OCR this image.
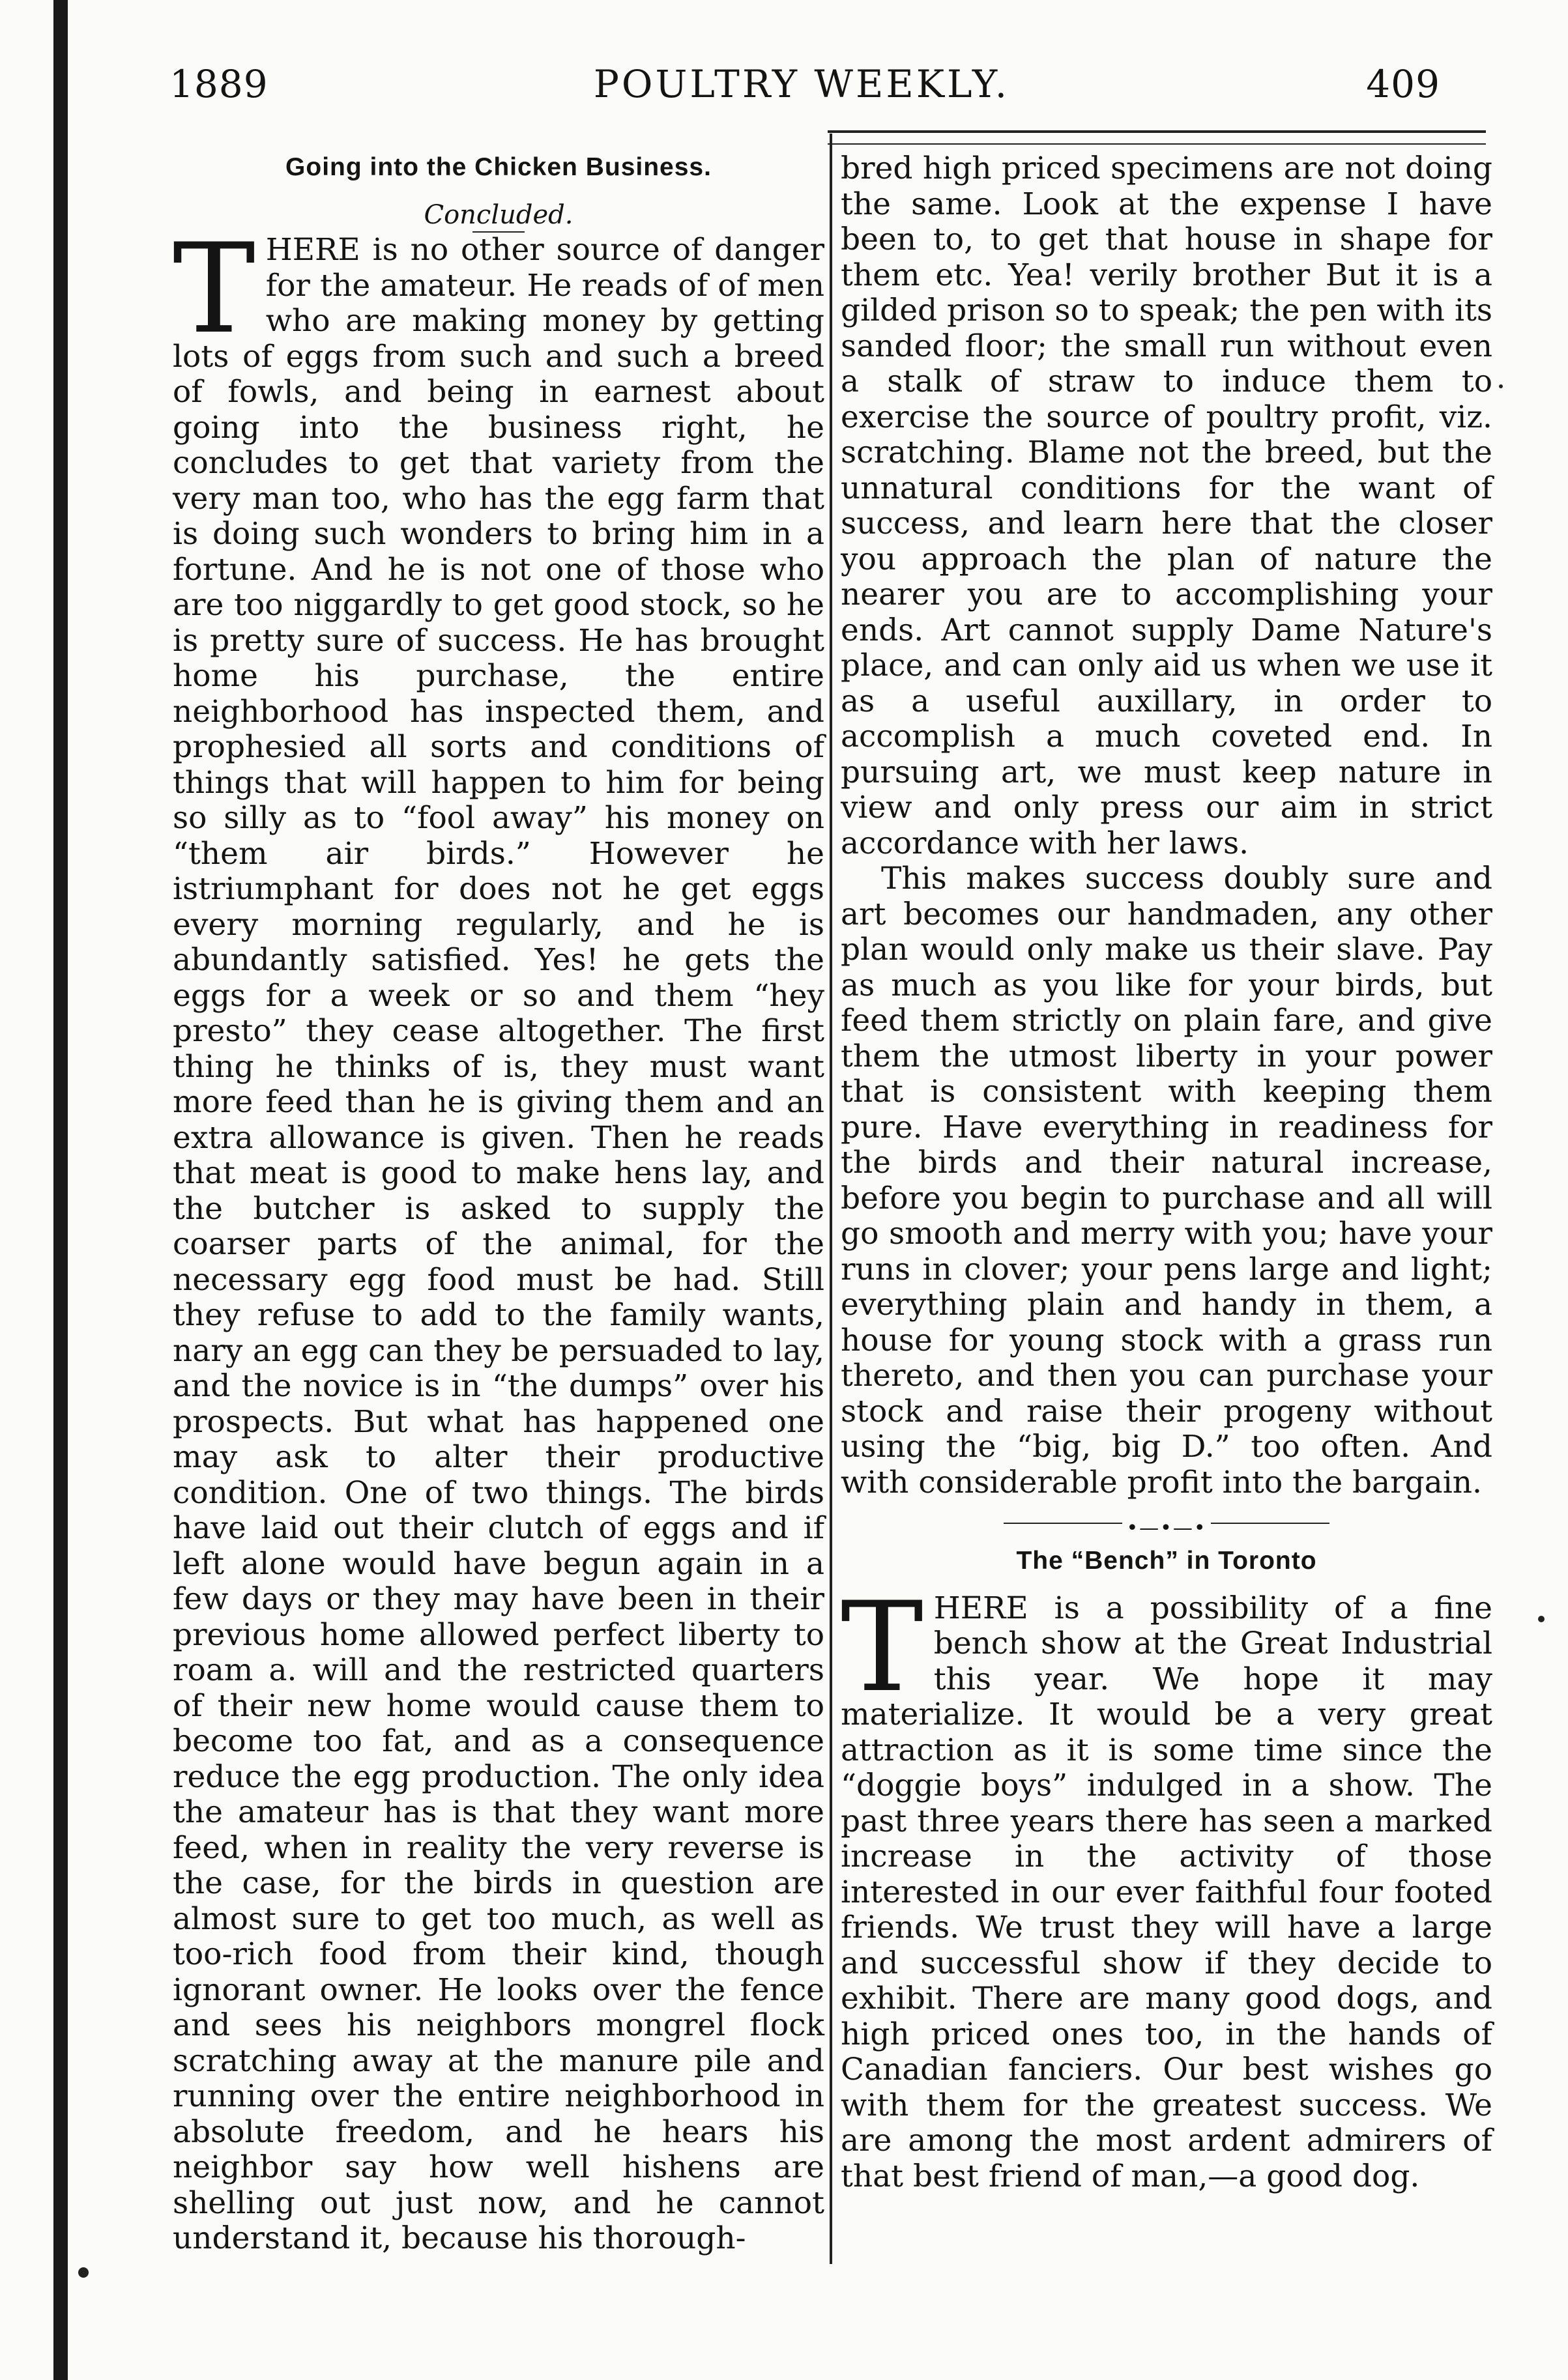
1889	POULTRY WEEKLY.	409
Going into the Chicken Business.
Concluded.

THERE is no other source of danger for the amateur. He reads of of men who are making money by getting lots of eggs from such and such a breed of fowls, and being in earnest about going into the business right, he concludes to get that variety from the very man too, who has the egg farm that is doing such wonders to bring him in a fortune. And he is not one of those who are too niggardly to get good stock, so he is pretty sure of success. He has brought home his purchase, the entire neighborhood has inspected them, and prophesied all sorts and conditions of things that will happen to him for being so silly as to “fool away” his money on “them air birds.” However he istriumphant for does not he get eggs every morning regularly, and he is abundantly satisfied. Yes! he gets the eggs for a week or so and them “hey presto” they cease altogether. The first thing he thinks of is, they must want more feed than he is giving them and an extra allowance is given. Then he reads that meat is good to make hens lay, and the butcher is asked to supply the coarser parts of the animal, for the necessary egg food must be had. Still they refuse to add to the family wants, nary an egg can they be persuaded to lay, and the novice is in “the dumps” over his prospects. But what has happened one may ask to alter their productive condition. One of two things. The birds have laid out their clutch of eggs and if left alone would have begun again in a few days or they may have been in their previous home allowed perfect liberty to roam a. will and the restricted quarters of their new home would cause them to become too fat, and as a consequence reduce the egg production. The only idea the amateur has is that they want more feed, when in reality the very reverse is the case, for the birds in question are almost sure to get too much, as well as too-rich food from their kind, though ignorant owner. He looks over the fence and sees his neighbors mongrel flock scratching away at the manure pile and running over the entire neighborhood in absolute freedom, and he hears his neighbor say how well hishens are shelling out just now, and he cannot understand it, because his thorough-

bred high priced specimens are not doing the same. Look at the expense I have been to, to get that house in shape for them etc. Yea! verily brother But it is a gilded prison so to speak; the pen with its sanded floor; the small run without even a stalk of straw to induce them to exercise the source of poultry profit, viz. scratching. Blame not the breed, but the unnatural conditions for the want of success, and learn here that the closer you approach the plan of nature the nearer you are to accomplishing your ends. Art cannot supply Dame Nature's place, and can only aid us when we use it as a useful auxillary, in order to accomplish a much coveted end. In pursuing art, we must keep nature in view and only press our aim in strict accordance with her laws.

This makes success doubly sure and art becomes our handmaden, any other plan would only make us their slave. Pay as much as you like for your birds, but feed them strictly on plain fare, and give them the utmost liberty in your power that is consistent with keeping them pure. Have everything in readiness for the birds and their natural increase, before you begin to purchase and all will go smooth and merry with you; have your runs in clover; your pens large and light; everything plain and handy in them, a house for young stock with a grass run thereto, and then you can purchase your stock and raise their progeny without using the “big, big D.” too often. And with considerable profit into the bargain.

•—•—•
The “Bench” in Toronto

THERE is a possibility of a fine bench show at the Great Industrial this year. We hope it may materialize. It would be a very great attraction as it is some time since the “doggie boys” indulged in a show. The past three years there has seen a marked increase in the activity of those interested in our ever faithful four footed friends. We trust they will have a large and successful show if they decide to exhibit. There are many good dogs, and high priced ones too, in the hands of Canadian fanciers. Our best wishes go with them for the greatest success. We are among the most ardent admirers of that best friend of man,—a good dog.
